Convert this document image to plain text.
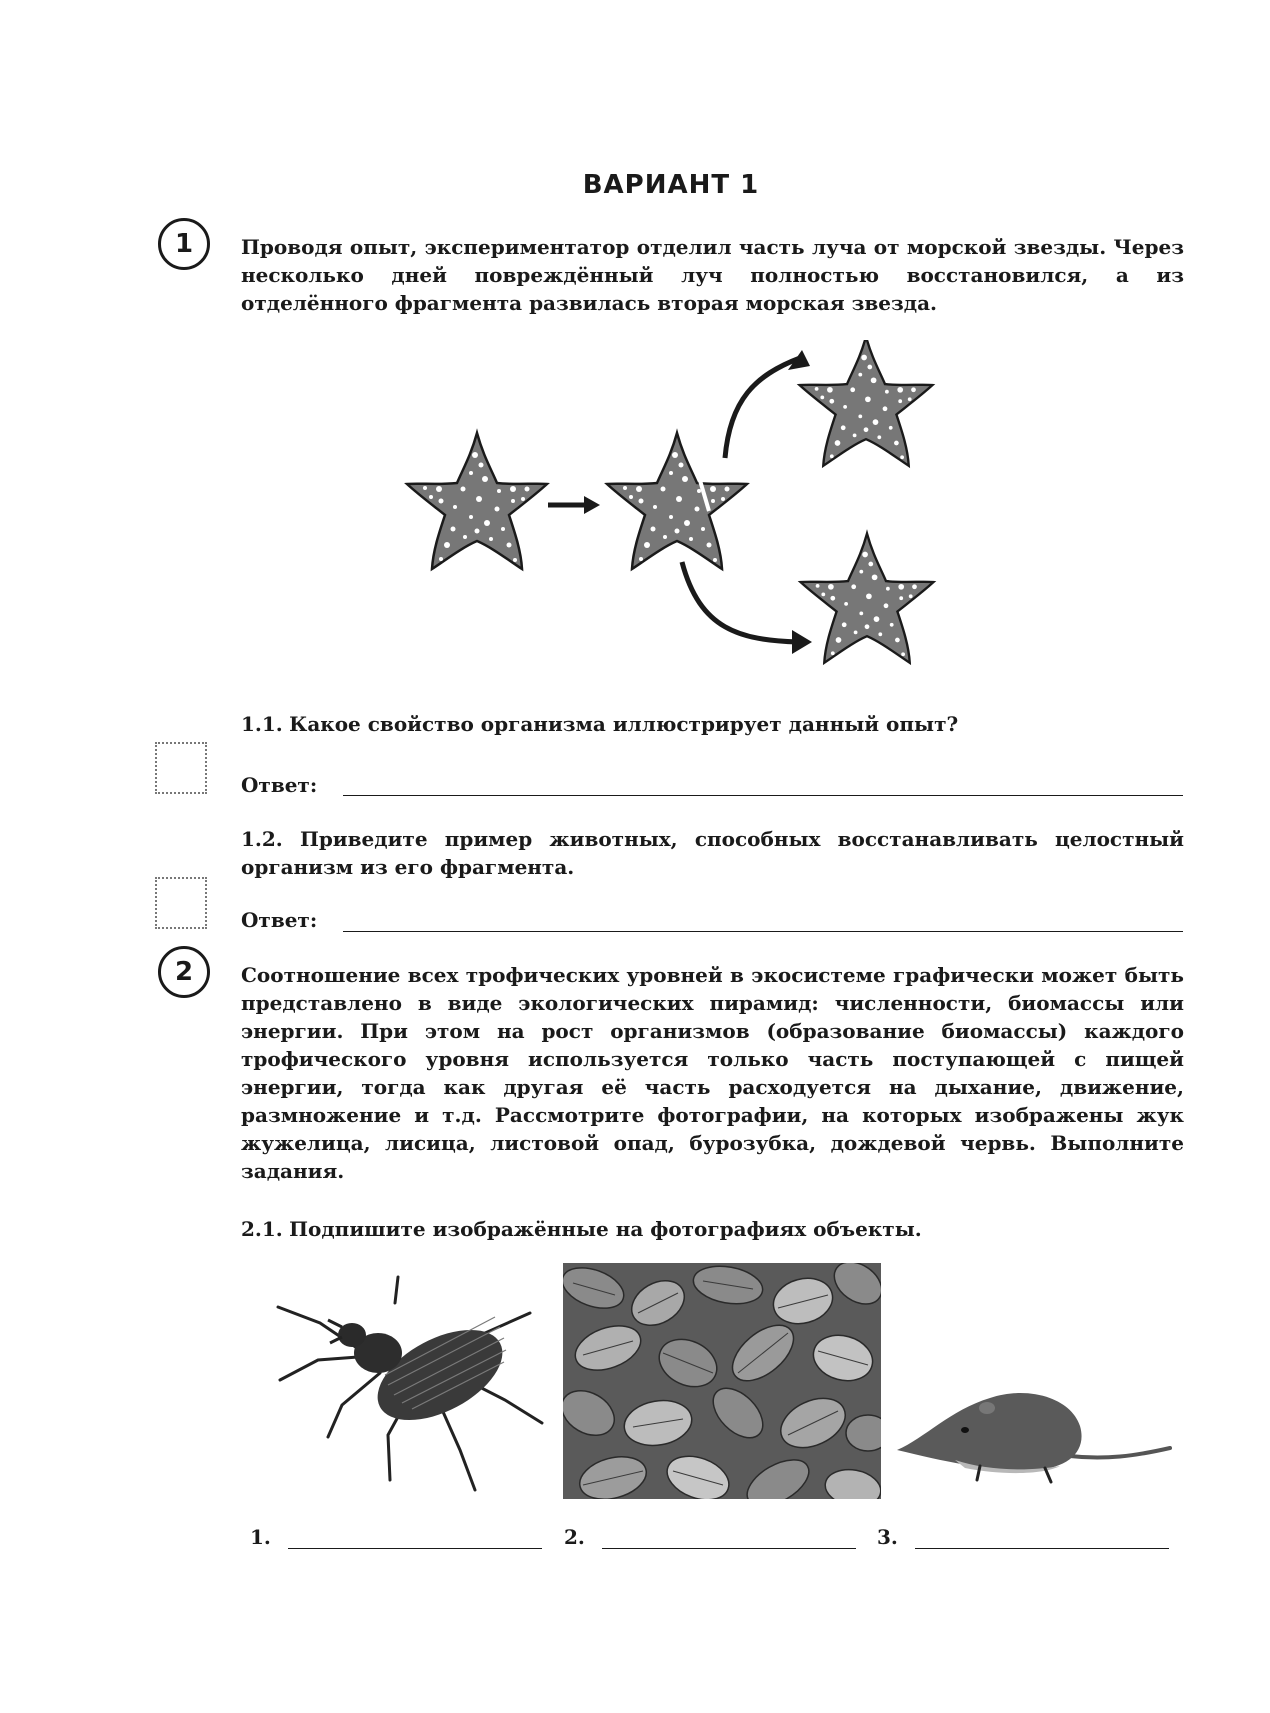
ВАРИАНТ 1
1 Проводя опыт, экспериментатор отделил часть луча от морской звезды. Через несколько дней повреждённый луч полностью восстановился, а из отделённого фрагмента развилась вторая морская звезда.
1.1. Какое свойство организма иллюстрирует данный опыт?
Ответ:
1.2. Приведите пример животных, способных восстанавливать целостный организм из его фрагмента.
Ответ:
2 Соотношение всех трофических уровней в экосистеме графически может быть представлено в виде экологических пирамид: численности, биомассы или энергии. При этом на рост организмов (образование биомассы) каждого трофического уровня используется только часть поступающей с пищей энергии, тогда как другая её часть расходуется на дыхание, движение, размножение и т.д. Рассмотрите фотографии, на которых изображены жук жужелица, лисица, листовой опад, бурозубка, дождевой червь. Выполните задания.
2.1. Подпишите изображённые на фотографиях объекты.
1.	2.	3.
